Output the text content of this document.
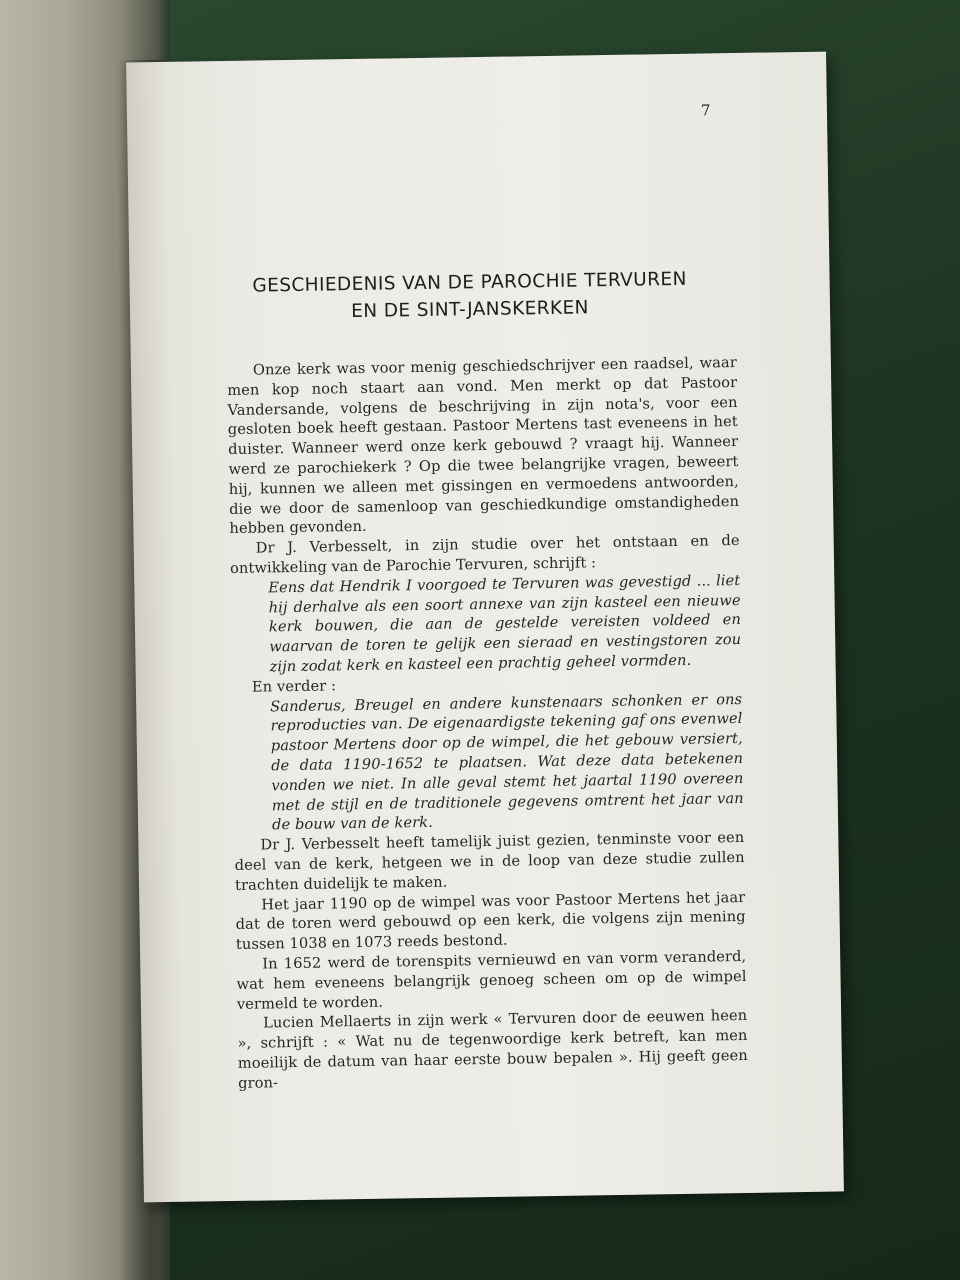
7
GESCHIEDENIS VAN DE PAROCHIE TERVUREN
EN DE SINT-JANSKERKEN

Onze kerk was voor menig geschiedschrijver een raadsel, waar men kop noch staart aan vond. Men merkt op dat Pastoor Vandersande, volgens de beschrijving in zijn nota's, voor een gesloten boek heeft gestaan. Pastoor Mertens tast eveneens in het duister. Wanneer werd onze kerk gebouwd ? vraagt hij. Wanneer werd ze parochiekerk ? Op die twee belangrijke vragen, beweert hij, kunnen we alleen met gissingen en vermoedens antwoorden, die we door de samenloop van geschiedkundige omstandigheden hebben gevonden.

Dr J. Verbesselt, in zijn studie over het ontstaan en de ontwikkeling van de Parochie Tervuren, schrijft :

Eens dat Hendrik I voorgoed te Tervuren was gevestigd ... liet hij derhalve als een soort annexe van zijn kasteel een nieuwe kerk bouwen, die aan de gestelde vereisten voldeed en waarvan de toren te gelijk een sieraad en vestingstoren zou zijn zodat kerk en kasteel een prachtig geheel vormden.

En verder :

Sanderus, Breugel en andere kunstenaars schonken er ons reproducties van. De eigenaardigste tekening gaf ons evenwel pastoor Mertens door op de wimpel, die het gebouw versiert, de data 1190-1652 te plaatsen. Wat deze data betekenen vonden we niet. In alle geval stemt het jaartal 1190 overeen met de stijl en de traditionele gegevens omtrent het jaar van de bouw van de kerk.

Dr J. Verbesselt heeft tamelijk juist gezien, tenminste voor een deel van de kerk, hetgeen we in de loop van deze studie zullen trachten duidelijk te maken.

Het jaar 1190 op de wimpel was voor Pastoor Mertens het jaar dat de toren werd gebouwd op een kerk, die volgens zijn mening tussen 1038 en 1073 reeds bestond.

In 1652 werd de torenspits vernieuwd en van vorm veranderd, wat hem eveneens belangrijk genoeg scheen om op de wimpel vermeld te worden.

Lucien Mellaerts in zijn werk « Tervuren door de eeuwen heen », schrijft : « Wat nu de tegenwoordige kerk betreft, kan men moeilijk de datum van haar eerste bouw bepalen ». Hij geeft geen gron-
